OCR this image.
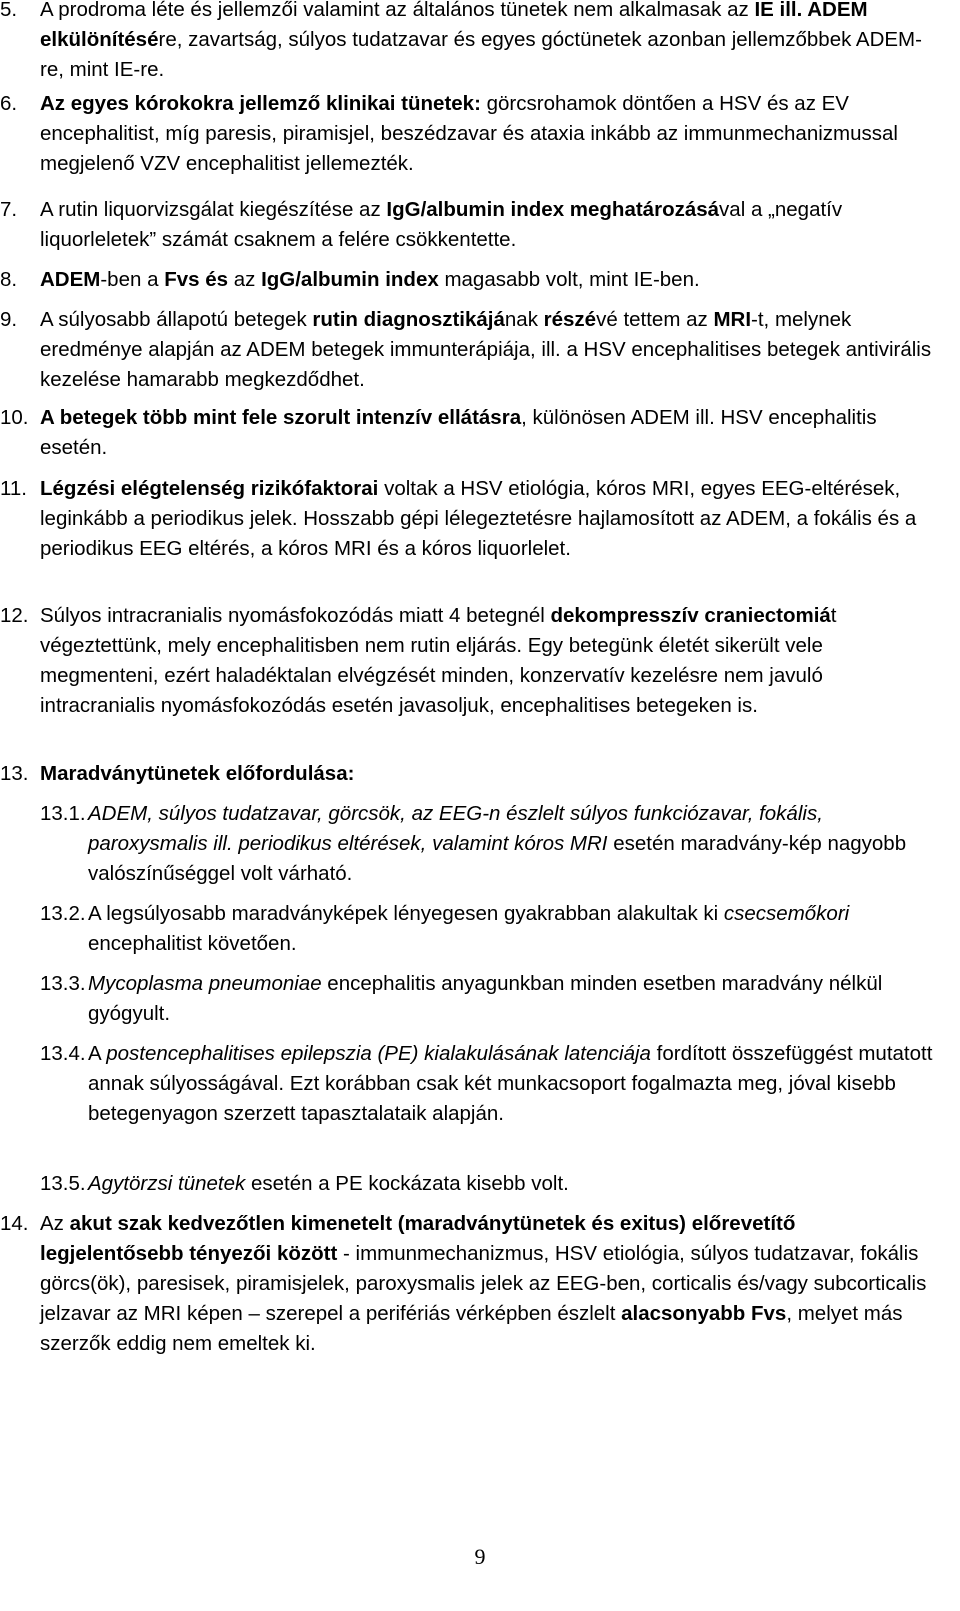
5. A prodroma léte és jellemzői valamint az általános tünetek nem alkalmasak az IE ill. ADEM elkülönítésére, zavartság, súlyos tudatzavar és egyes góctünetek azonban jellemzőbbek ADEM-re, mint IE-re.
6. Az egyes kórokokra jellemző klinikai tünetek: görcsrohamok döntően a HSV és az EV encephalitist, míg paresis, piramisjel, beszédzavar és ataxia inkább az immunmechanizmussal megjelenő VZV encephalitist jellemezték.
7. A rutin liquorvizsgálat kiegészítése az IgG/albumin index meghatározásával a „negatív liquorleletek” számát csaknem a felére csökkentette.
8. ADEM-ben a Fvs és az IgG/albumin index magasabb volt, mint IE-ben.
9. A súlyosabb állapotú betegek rutin diagnosztikájának részévé tettem az MRI-t, melynek eredménye alapján az ADEM betegek immunterápiája, ill. a HSV encephalitises betegek antivirális kezelése hamarabb megkezdődhet.
10. A betegek több mint fele szorult intenzív ellátásra, különösen ADEM ill. HSV encephalitis esetén.
11. Légzési elégtelenség rizikófaktorai voltak a HSV etiológia, kóros MRI, egyes EEG-eltérések, leginkább a periodikus jelek. Hosszabb gépi lélegeztetésre hajlamosított az ADEM, a fokális és a periodikus EEG eltérés, a kóros MRI és a kóros liquorlelet.
12. Súlyos intracranialis nyomásfokozódás miatt 4 betegnél dekompresszív craniectomiát végeztettünk, mely encephalitisben nem rutin eljárás. Egy betegünk életét sikerült vele megmenteni, ezért haladéktalan elvégzését minden, konzervatív kezelésre nem javuló intracranialis nyomásfokozódás esetén javasoljuk, encephalitises betegeken is.
13. Maradványtünetek előfordulása:
13.1. ADEM, súlyos tudatzavar, görcsök, az EEG-n észlelt súlyos funkciózavar, fokális, paroxysmalis ill. periodikus eltérések, valamint kóros MRI esetén maradvány-kép nagyobb valószínűséggel volt várható.
13.2. A legsúlyosabb maradványképek lényegesen gyakrabban alakultak ki csecsemőkori encephalitist követően.
13.3. Mycoplasma pneumoniae encephalitis anyagunkban minden esetben maradvány nélkül gyógyult.
13.4. A postencephalitises epilepszia (PE) kialakulásának latenciája fordított összefüggést mutatott annak súlyosságával. Ezt korábban csak két munkacsoport fogalmazta meg, jóval kisebb betegenyagon szerzett tapasztalataik alapján.
13.5. Agytörzsi tünetek esetén a PE kockázata kisebb volt.
14. Az akut szak kedvezőtlen kimenetelt (maradványtünetek és exitus) előrevetítő legjelentősebb tényezői között - immunmechanizmus, HSV etiológia, súlyos tudatzavar, fokális görcs(ök), paresisek, piramisjelek, paroxysmalis jelek az EEG-ben, corticalis és/vagy subcorticalis jelzavar az MRI képen – szerepel a perifériás vérképben észlelt alacsonyabb Fvs, melyet más szerzők eddig nem emeltek ki.
9
